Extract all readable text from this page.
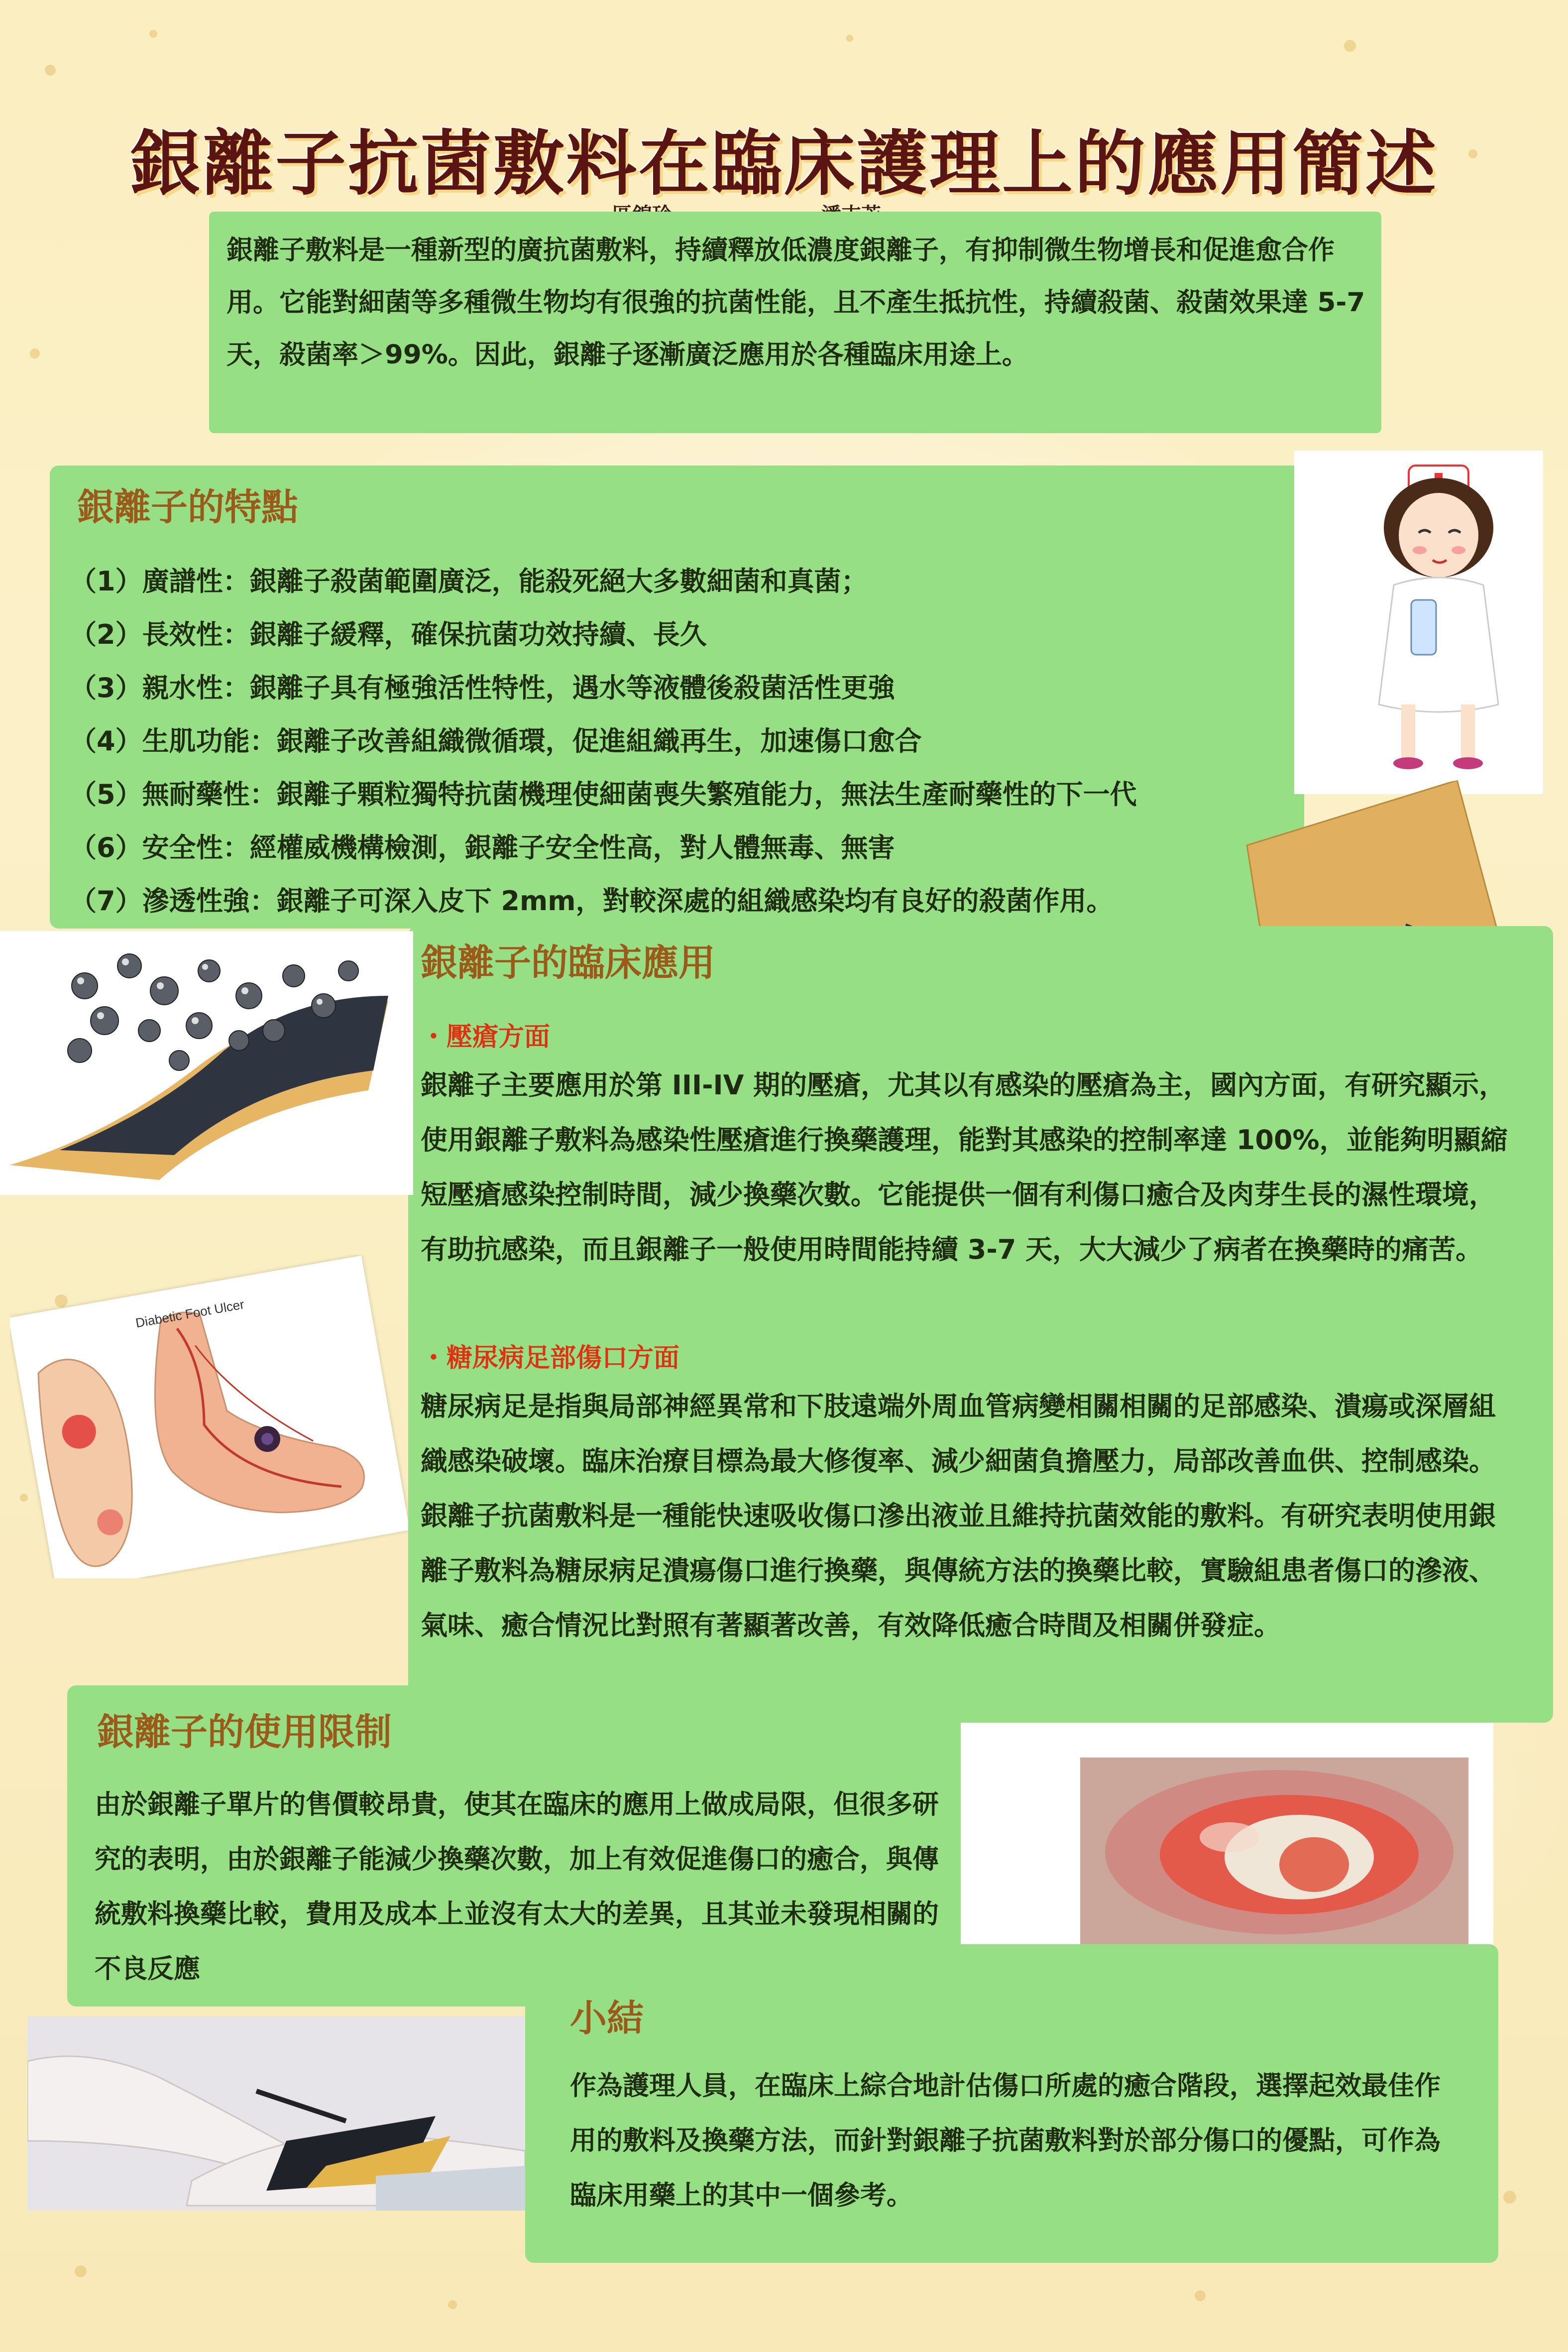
銀離子抗菌敷料在臨床護理上的應用簡述
銀離子敷料是一種新型的廣抗菌敷料，持續釋放低濃度銀離子，有抑制微生物增長和促進愈合作用。它能對細菌等多種微生物均有很強的抗菌性能，且不產生抵抗性，持續殺菌、殺菌效果達 5-7 天，殺菌率＞99%。因此，銀離子逐漸廣泛應用於各種臨床用途上。
銀離子的特點
（1）廣譜性：銀離子殺菌範圍廣泛，能殺死絕大多數細菌和真菌；
（2）長效性：銀離子緩釋，確保抗菌功效持續、長久
（3）親水性：銀離子具有極強活性特性，遇水等液體後殺菌活性更強
（4）生肌功能：銀離子改善組織微循環，促進組織再生，加速傷口愈合
（5）無耐藥性：銀離子顆粒獨特抗菌機理使細菌喪失繁殖能力，無法生產耐藥性的下一代
（6）安全性：經權威機構檢測，銀離子安全性高，對人體無毒、無害
（7）滲透性強：銀離子可深入皮下 2mm，對較深處的組織感染均有良好的殺菌作用。
銀離子的臨床應用
・壓瘡方面
銀離子主要應用於第 III-IV 期的壓瘡，尤其以有感染的壓瘡為主，國內方面，有研究顯示，使用銀離子敷料為感染性壓瘡進行換藥護理，能對其感染的控制率達 100%，並能夠明顯縮短壓瘡感染控制時間，減少換藥次數。它能提供一個有利傷口癒合及肉芽生長的濕性環境，有助抗感染，而且銀離子一般使用時間能持續 3-7 天，大大減少了病者在換藥時的痛苦。
・糖尿病足部傷口方面
糖尿病足是指與局部神經異常和下肢遠端外周血管病變相關相關的足部感染、潰瘍或深層組織感染破壞。臨床治療目標為最大修復率、減少細菌負擔壓力，局部改善血供、控制感染。銀離子抗菌敷料是一種能快速吸收傷口滲出液並且維持抗菌效能的敷料。有研究表明使用銀離子敷料為糖尿病足潰瘍傷口進行換藥，與傳統方法的換藥比較，實驗組患者傷口的滲液、氣味、癒合情況比對照有著顯著改善，有效降低癒合時間及相關併發症。
Diabetic Foot Ulcer
銀離子的使用限制
由於銀離子單片的售價較昂貴，使其在臨床的應用上做成局限，但很多研究的表明，由於銀離子能減少換藥次數，加上有效促進傷口的癒合，與傳統敷料換藥比較，費用及成本上並沒有太大的差異，且其並未發現相關的不良反應
小結
作為護理人員，在臨床上綜合地計估傷口所處的癒合階段，選擇起效最佳作用的敷料及換藥方法，而針對銀離子抗菌敷料對於部分傷口的優點，可作為臨床用藥上的其中一個參考。
